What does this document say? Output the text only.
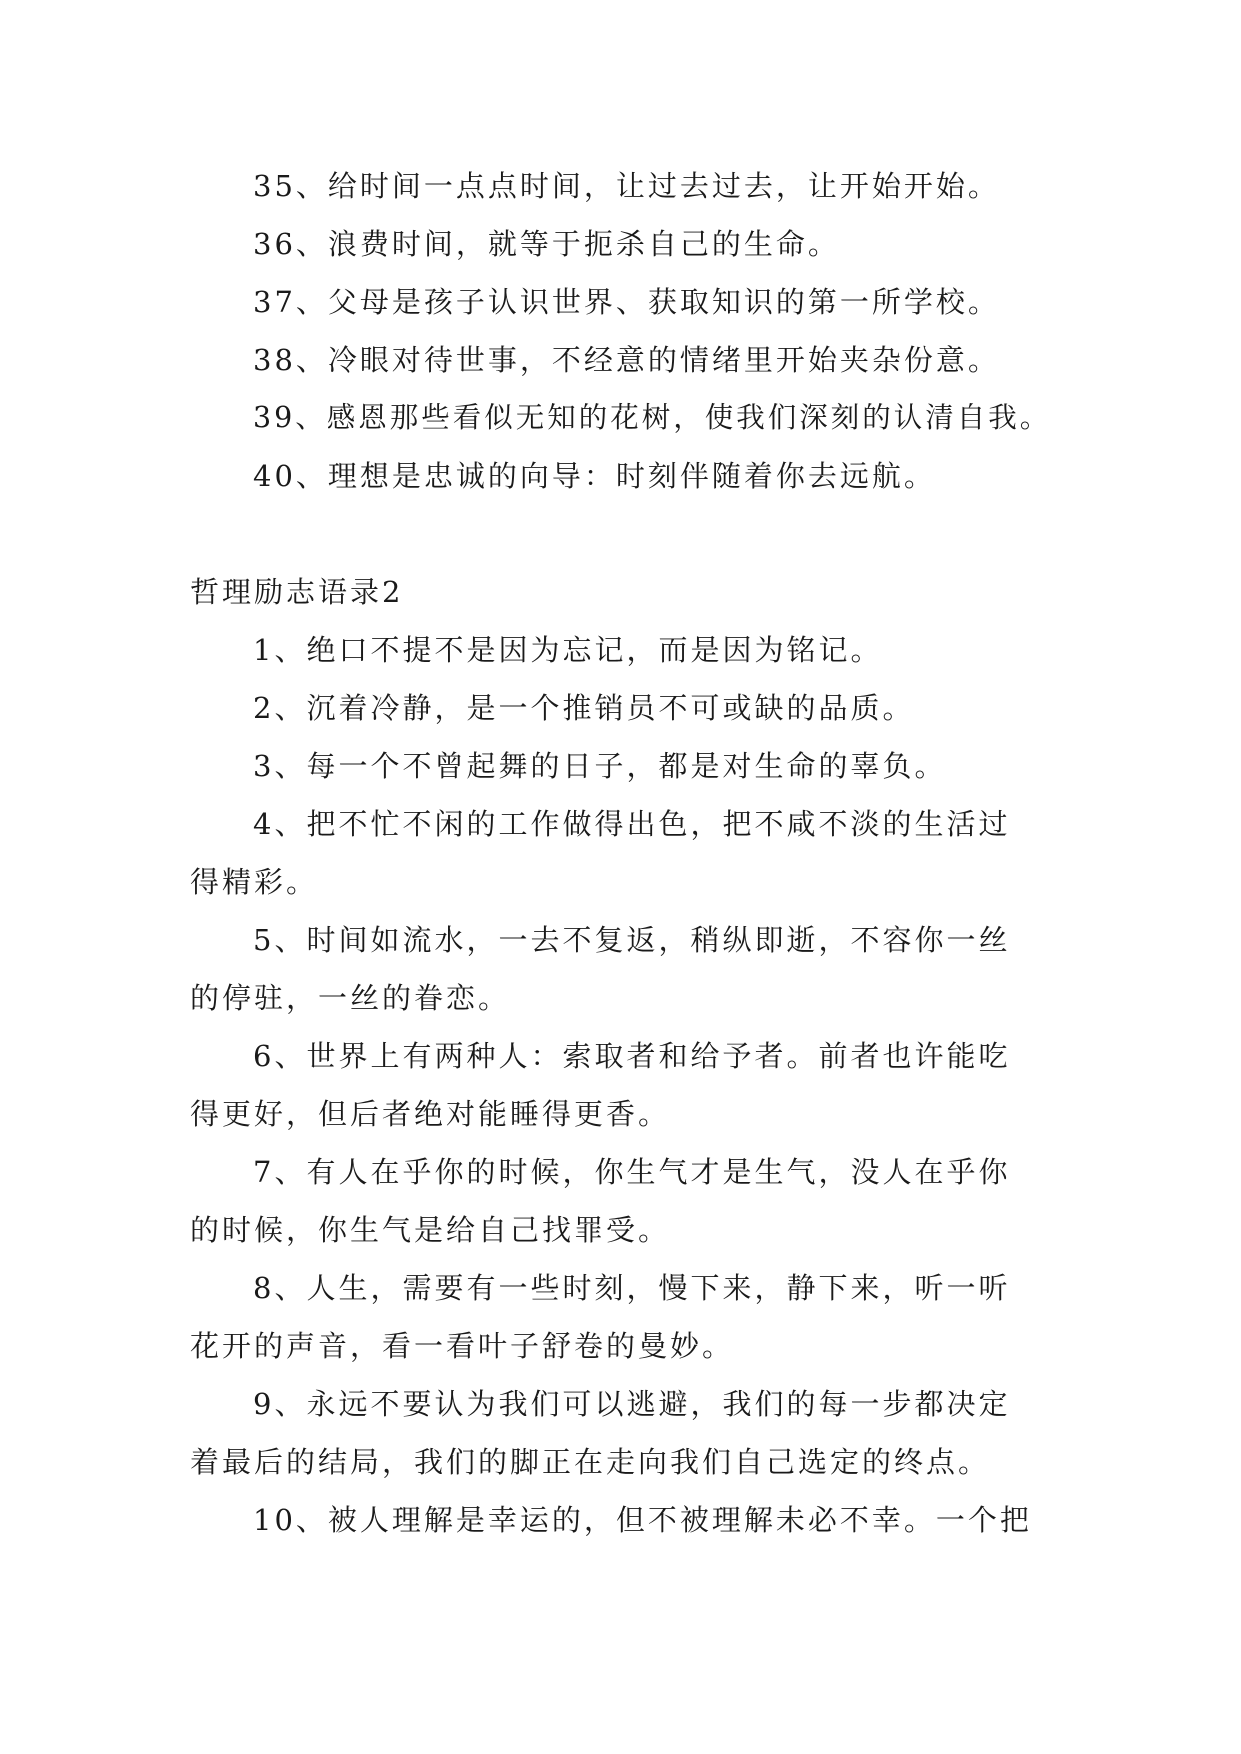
35、给时间一点点时间，让过去过去，让开始开始。
36、浪费时间，就等于扼杀自己的生命。
37、父母是孩子认识世界、获取知识的第一所学校。
38、冷眼对待世事，不经意的情绪里开始夹杂份意。
39、感恩那些看似无知的花树，使我们深刻的认清自我。
40、理想是忠诚的向导：时刻伴随着你去远航。
哲理励志语录2
1、绝口不提不是因为忘记，而是因为铭记。
2、沉着冷静，是一个推销员不可或缺的品质。
3、每一个不曾起舞的日子，都是对生命的辜负。
4、把不忙不闲的工作做得出色，把不咸不淡的生活过
得精彩。
5、时间如流水，一去不复返，稍纵即逝，不容你一丝
的停驻，一丝的眷恋。
6、世界上有两种人：索取者和给予者。前者也许能吃
得更好，但后者绝对能睡得更香。
7、有人在乎你的时候，你生气才是生气，没人在乎你
的时候，你生气是给自己找罪受。
8、人生，需要有一些时刻，慢下来，静下来，听一听
花开的声音，看一看叶子舒卷的曼妙。
9、永远不要认为我们可以逃避，我们的每一步都决定
着最后的结局，我们的脚正在走向我们自己选定的终点。
10、被人理解是幸运的，但不被理解未必不幸。一个把
